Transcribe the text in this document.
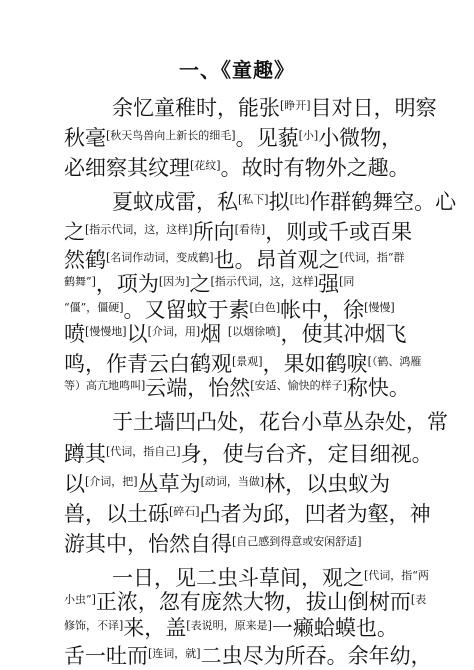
一、《童趣》
余忆童稚时，能张[睁开]目对日，明察
秋毫[秋天鸟兽向上新长的细毛]。见藐[小]小微物，
必细察其纹理[花纹]。故时有物外之趣。
夏蚊成雷，私[私下]拟[比]作群鹤舞空。心
之[指示代词，这，这样]所向[看待]，则或千或百果
然鹤[名词作动词，变成鹤]也。昂首观之$^{[代词,指“群}$
$^{鹤舞”]}$，项为[因为]之[指示代词，这，这样]强$^{[同}$
$^{“僵”,僵硬]}$。又留蚊于素[白色]帐中，徐[慢慢]
喷[慢慢地]以[介词，用]烟 [以烟徐喷]，使其冲烟飞
鸣，作青云白鹤观[景观]，果如鹤唳$^{[(鹤、鸿雁}$
$^{等)高亢地鸣叫]}$云端，怡然[安适、愉快的样子]称快。
于土墙凹凸处，花台小草丛杂处，常
蹲其[代词，指自己]身，使与台齐，定目细视。
以[介词，把]丛草为[动词，当做]林，以虫蚁为
兽，以土砾[碎石]凸者为邱，凹者为壑，神
游其中，怡然自得[自己感到得意或安闲舒适]
一日，见二虫斗草间，观之$^{[代词,指“两}$
$^{小虫”]}$正浓，忽有庞然大物，拔山倒树而$^{[表}$
$^{修饰,不译]}$来，盖[表说明，原来是]一癞蛤蟆也。
舌一吐而[连词，就]二虫尽为所吞。余年幼，
